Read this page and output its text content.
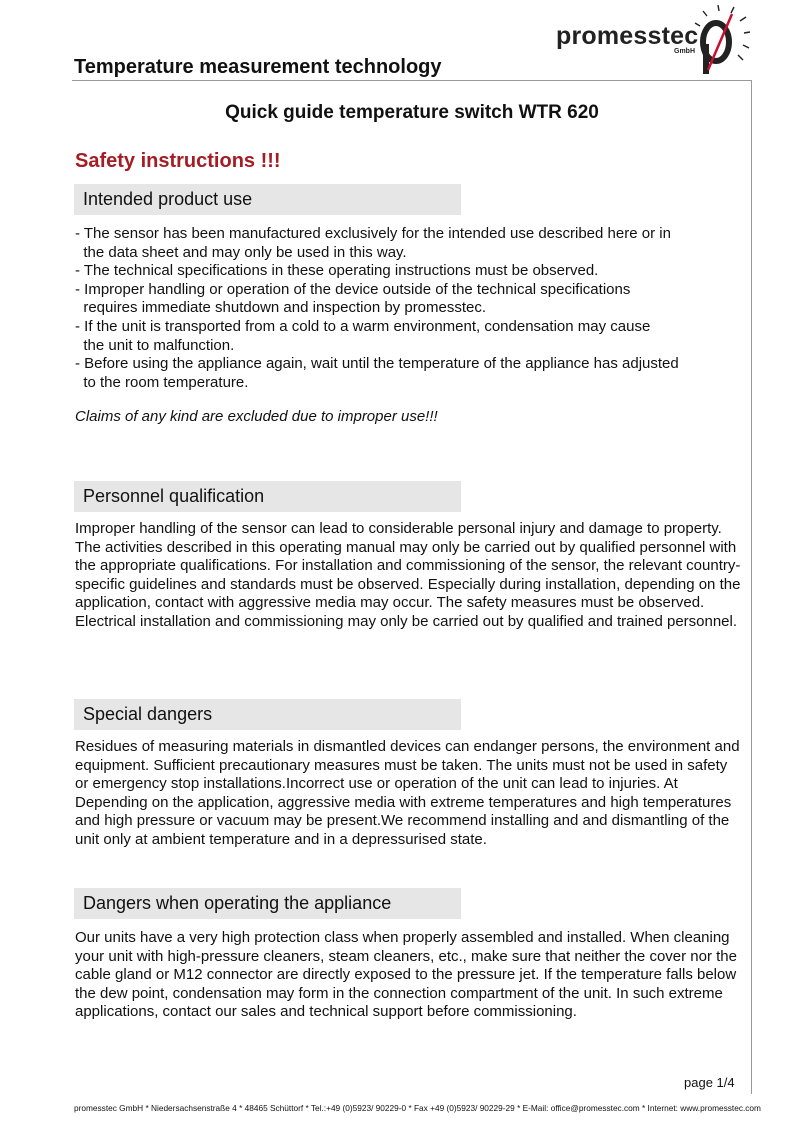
promesstec
GmbH
Temperature measurement technology
Quick guide temperature switch WTR 620
Safety instructions !!!
Intended product use
- The sensor has been manufactured exclusively for the intended use described here or in
the data sheet and may only be used in this way.
- The technical specifications in these operating instructions must be observed.
- Improper handling or operation of the device outside of the technical specifications
requires immediate shutdown and inspection by promesstec.
- If the unit is transported from a cold to a warm environment, condensation may cause
the unit to malfunction.
- Before using the appliance again, wait until the temperature of the appliance has adjusted
to the room temperature.
Claims of any kind are excluded due to improper use!!!
Personnel qualification
Improper handling of the sensor can lead to considerable personal injury and damage to property. The activities described in this operating manual may only be carried out by qualified personnel with the appropriate qualifications. For installation and commissioning of the sensor, the relevant country-specific guidelines and standards must be observed. Especially during installation, depending on the application, contact with aggressive media may occur. The safety measures must be observed. Electrical installation and commissioning may only be carried out by qualified and trained personnel.
Special dangers
Residues of measuring materials in dismantled devices can endanger persons, the environment and equipment. Sufficient precautionary measures must be taken. The units must not be used in safety or emergency stop installations.Incorrect use or operation of the unit can lead to injuries. At Depending on the application, aggressive media with extreme temperatures and high temperatures and high pressure or vacuum may be present.We recommend installing and and dismantling of the unit only at ambient temperature and in a depressurised state.
Dangers when operating the appliance
Our units have a very high protection class when properly assembled and installed. When cleaning your unit with high-pressure cleaners, steam cleaners, etc., make sure that neither the cover nor the cable gland or M12 connector are directly exposed to the pressure jet. If the temperature falls below the dew point, condensation may form in the connection compartment of the unit. In such extreme applications, contact our sales and technical support before commissioning.
page 1/4
promesstec GmbH * Niedersachsenstraße 4 * 48465 Schüttorf * Tel.:+49 (0)5923/ 90229-0 * Fax +49 (0)5923/ 90229-29 * E-Mail: office@promesstec.com * Internet: www.promesstec.com
